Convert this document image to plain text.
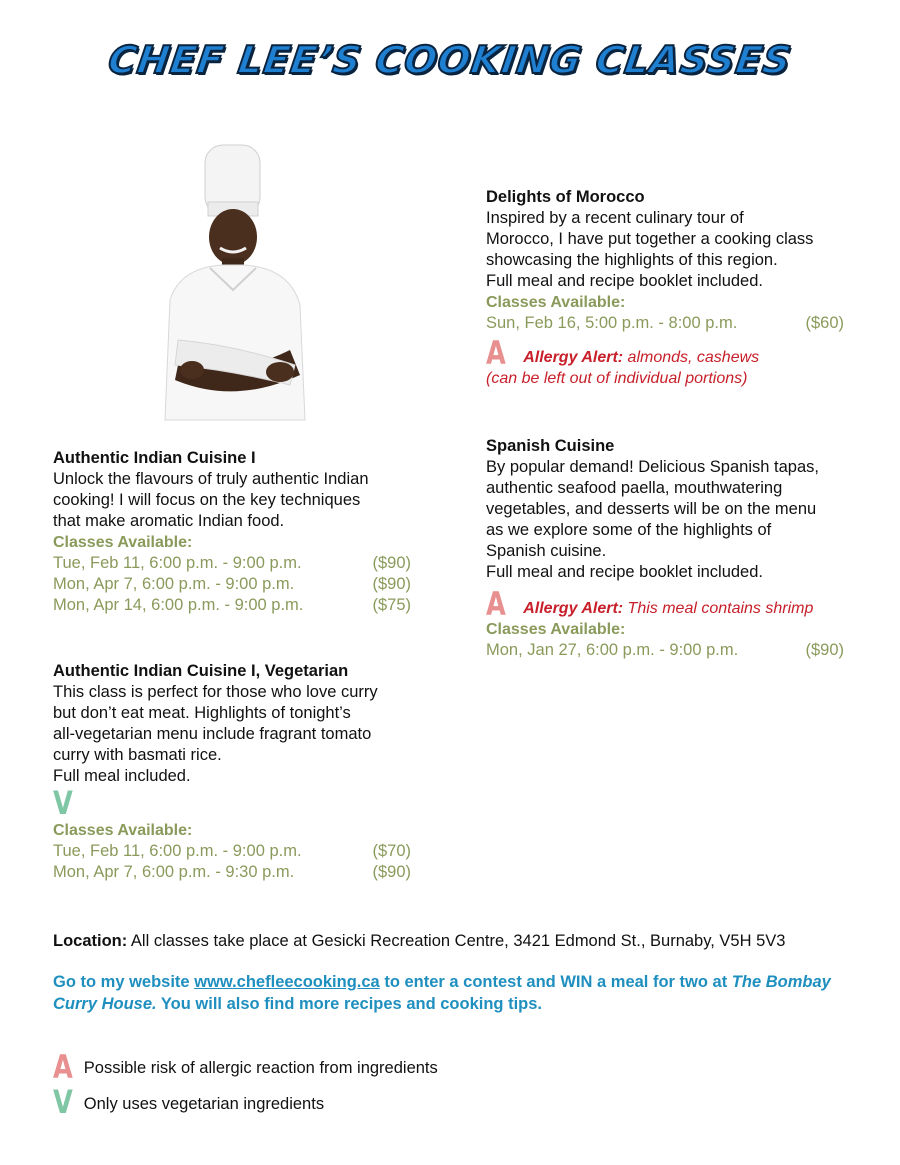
CHEF LEE’S COOKING CLASSES
Authentic Indian Cuisine I
Unlock the flavours of truly authentic Indian
cooking! I will focus on the key techniques
that make aromatic Indian food.
Classes Available:
Tue, Feb 11, 6:00 p.m. - 9:00 p.m.	($90)
Mon, Apr 7, 6:00 p.m. - 9:00 p.m.	($90)
Mon, Apr 14, 6:00 p.m. - 9:00 p.m.	($75)
Authentic Indian Cuisine I, Vegetarian
This class is perfect for those who love curry
but don’t eat meat. Highlights of tonight’s
all-vegetarian menu include fragrant tomato
curry with basmati rice.
Full meal included.
V
Classes Available:
Tue, Feb 11, 6:00 p.m. - 9:00 p.m.	($70)
Mon, Apr 7, 6:00 p.m. - 9:30 p.m.	($90)
Delights of Morocco
Inspired by a recent culinary tour of
Morocco, I have put together a cooking class
showcasing the highlights of this region.
Full meal and recipe booklet included.
Classes Available:
Sun, Feb 16, 5:00 p.m. - 8:00 p.m.	($60)
A Allergy Alert: almonds, cashews
(can be left out of individual portions)
Spanish Cuisine
By popular demand! Delicious Spanish tapas,
authentic seafood paella, mouthwatering
vegetables, and desserts will be on the menu
as we explore some of the highlights of
Spanish cuisine.
Full meal and recipe booklet included.
A Allergy Alert: This meal contains shrimp
Classes Available:
Mon, Jan 27, 6:00 p.m. - 9:00 p.m.	($90)
Location: All classes take place at Gesicki Recreation Centre, 3421 Edmond St., Burnaby, V5H 5V3
Go to my website www.chefleecooking.ca to enter a contest and WIN a meal for two at The Bombay Curry House. You will also find more recipes and cooking tips.
A Possible risk of allergic reaction from ingredients
V Only uses vegetarian ingredients
